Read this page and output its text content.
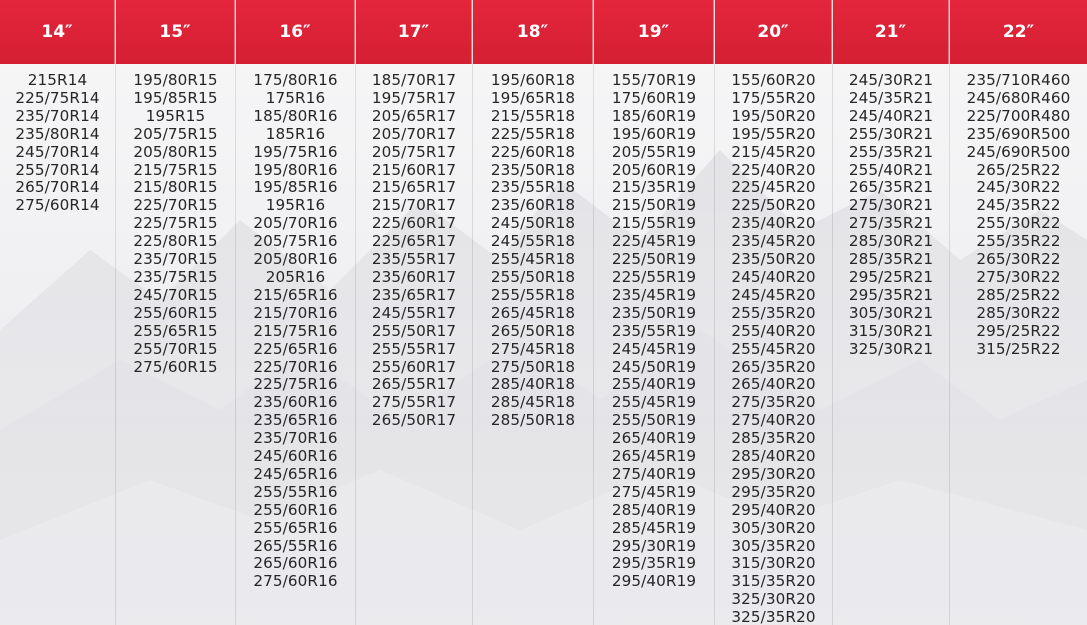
14″
215R14
225/75R14
235/70R14
235/80R14
245/70R14
255/70R14
265/70R14
275/60R14
15″
195/80R15
195/85R15
195R15
205/75R15
205/80R15
215/75R15
215/80R15
225/70R15
225/75R15
225/80R15
235/70R15
235/75R15
245/70R15
255/60R15
255/65R15
255/70R15
275/60R15
16″
175/80R16
175R16
185/80R16
185R16
195/75R16
195/80R16
195/85R16
195R16
205/70R16
205/75R16
205/80R16
205R16
215/65R16
215/70R16
215/75R16
225/65R16
225/70R16
225/75R16
235/60R16
235/65R16
235/70R16
245/60R16
245/65R16
255/55R16
255/60R16
255/65R16
265/55R16
265/60R16
275/60R16
17″
185/70R17
195/75R17
205/65R17
205/70R17
205/75R17
215/60R17
215/65R17
215/70R17
225/60R17
225/65R17
235/55R17
235/60R17
235/65R17
245/55R17
255/50R17
255/55R17
255/60R17
265/55R17
275/55R17
265/50R17
18″
195/60R18
195/65R18
215/55R18
225/55R18
225/60R18
235/50R18
235/55R18
235/60R18
245/50R18
245/55R18
255/45R18
255/50R18
255/55R18
265/45R18
265/50R18
275/45R18
275/50R18
285/40R18
285/45R18
285/50R18
19″
155/70R19
175/60R19
185/60R19
195/60R19
205/55R19
205/60R19
215/35R19
215/50R19
215/55R19
225/45R19
225/50R19
225/55R19
235/45R19
235/50R19
235/55R19
245/45R19
245/50R19
255/40R19
255/45R19
255/50R19
265/40R19
265/45R19
275/40R19
275/45R19
285/40R19
285/45R19
295/30R19
295/35R19
295/40R19
20″
155/60R20
175/55R20
195/50R20
195/55R20
215/45R20
225/40R20
225/45R20
225/50R20
235/40R20
235/45R20
235/50R20
245/40R20
245/45R20
255/35R20
255/40R20
255/45R20
265/35R20
265/40R20
275/35R20
275/40R20
285/35R20
285/40R20
295/30R20
295/35R20
295/40R20
305/30R20
305/35R20
315/30R20
315/35R20
325/30R20
325/35R20
21″
245/30R21
245/35R21
245/40R21
255/30R21
255/35R21
255/40R21
265/35R21
275/30R21
275/35R21
285/30R21
285/35R21
295/25R21
295/35R21
305/30R21
315/30R21
325/30R21
22″
235/710R460
245/680R460
225/700R480
235/690R500
245/690R500
265/25R22
245/30R22
245/35R22
255/30R22
255/35R22
265/30R22
275/30R22
285/25R22
285/30R22
295/25R22
315/25R22
